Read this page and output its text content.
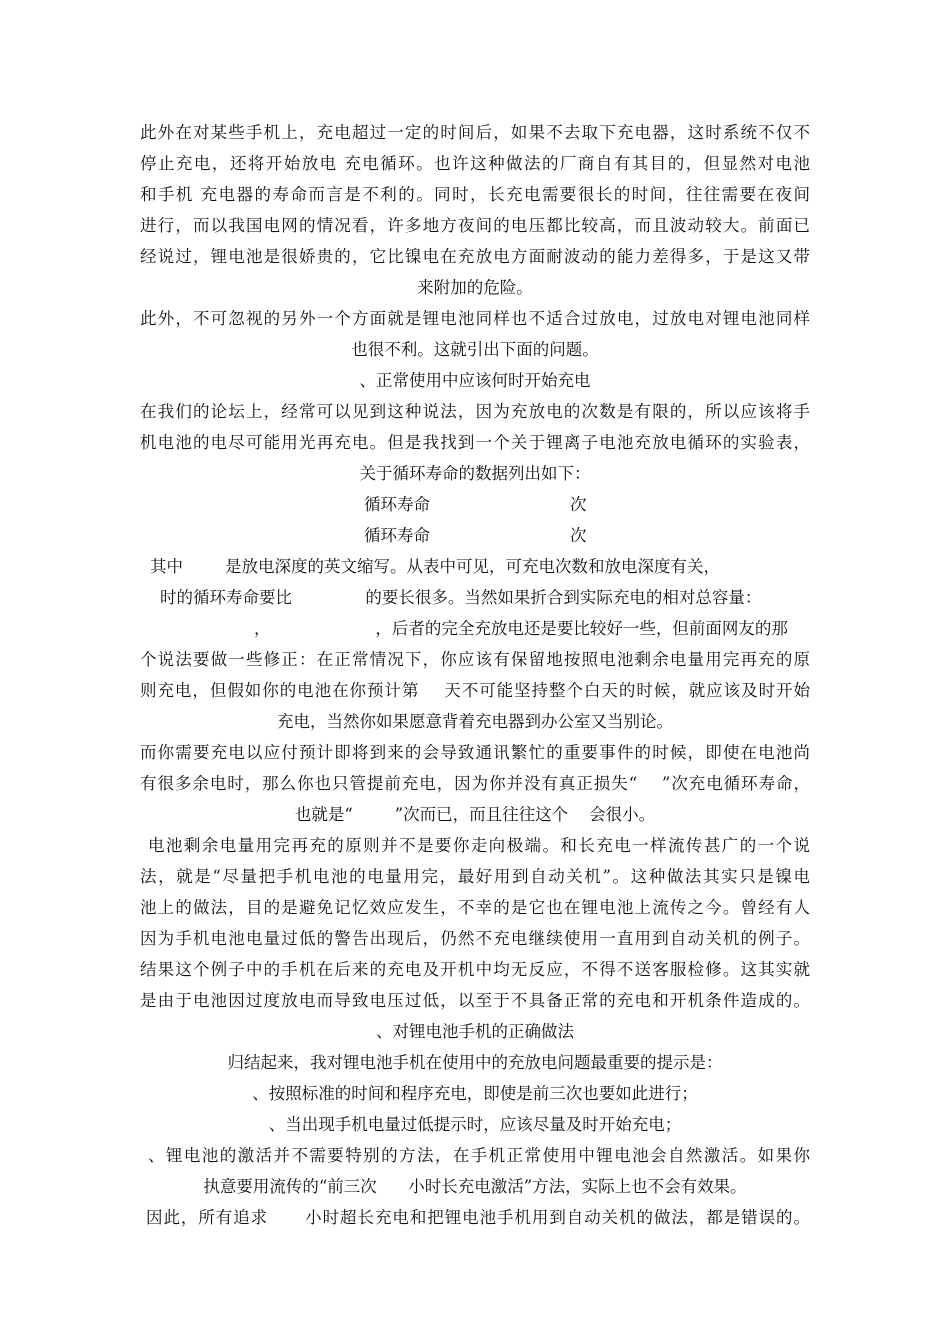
此外在对某些手机上，充电超过一定的时间后，如果不去取下充电器，这时系统不仅不
停止充电，还将开始放电 充电循环。也许这种做法的厂商自有其目的，但显然对电池
和手机 充电器的寿命而言是不利的。同时，长充电需要很长的时间，往往需要在夜间
进行，而以我国电网的情况看，许多地方夜间的电压都比较高，而且波动较大。前面已
经说过，锂电池是很娇贵的，它比镍电在充放电方面耐波动的能力差得多，于是这又带
来附加的危险。
此外，不可忽视的另外一个方面就是锂电池同样也不适合过放电，过放电对锂电池同样
也很不利。这就引出下面的问题。
、正常使用中应该何时开始充电
在我们的论坛上，经常可以见到这种说法，因为充放电的次数是有限的，所以应该将手
机电池的电尽可能用光再充电。但是我找到一个关于锂离子电池充放电循环的实验表，
关于循环寿命的数据列出如下：
循环寿命	次
循环寿命	次
其中        是放电深度的英文缩写。从表中可见，可充电次数和放电深度有关，
时的循环寿命要比              的要长很多。当然如果折合到实际充电的相对总容量：
，                    ，后者的完全充放电还是要比较好一些，但前面网友的那
个说法要做一些修正：在正常情况下，你应该有保留地按照电池剩余电量用完再充的原
则充电，但假如你的电池在你预计第    天不可能坚持整个白天的时候，就应该及时开始
充电，当然你如果愿意背着充电器到办公室又当别论。
而你需要充电以应付预计即将到来的会导致通讯繁忙的重要事件的时候，即使在电池尚
有很多余电时，那么你也只管提前充电，因为你并没有真正损失“    ”次充电循环寿命，
也就是“        ”次而已，而且往往这个    会很小。
电池剩余电量用完再充的原则并不是要你走向极端。和长充电一样流传甚广的一个说
法，就是“尽量把手机电池的电量用完，最好用到自动关机”。这种做法其实只是镍电
池上的做法，目的是避免记忆效应发生，不幸的是它也在锂电池上流传之今。曾经有人
因为手机电池电量过低的警告出现后，仍然不充电继续使用一直用到自动关机的例子。
结果这个例子中的手机在后来的充电及开机中均无反应，不得不送客服检修。这其实就
是由于电池因过度放电而导致电压过低，以至于不具备正常的充电和开机条件造成的。
、对锂电池手机的正确做法
归结起来，我对锂电池手机在使用中的充放电问题最重要的提示是：
、按照标准的时间和程序充电，即使是前三次也要如此进行；
、当出现手机电量过低提示时，应该尽量及时开始充电；
、锂电池的激活并不需要特别的方法，在手机正常使用中锂电池会自然激活。如果你
执意要用流传的“前三次      小时长充电激活”方法，实际上也不会有效果。
因此，所有追求      小时超长充电和把锂电池手机用到自动关机的做法，都是错误的。
